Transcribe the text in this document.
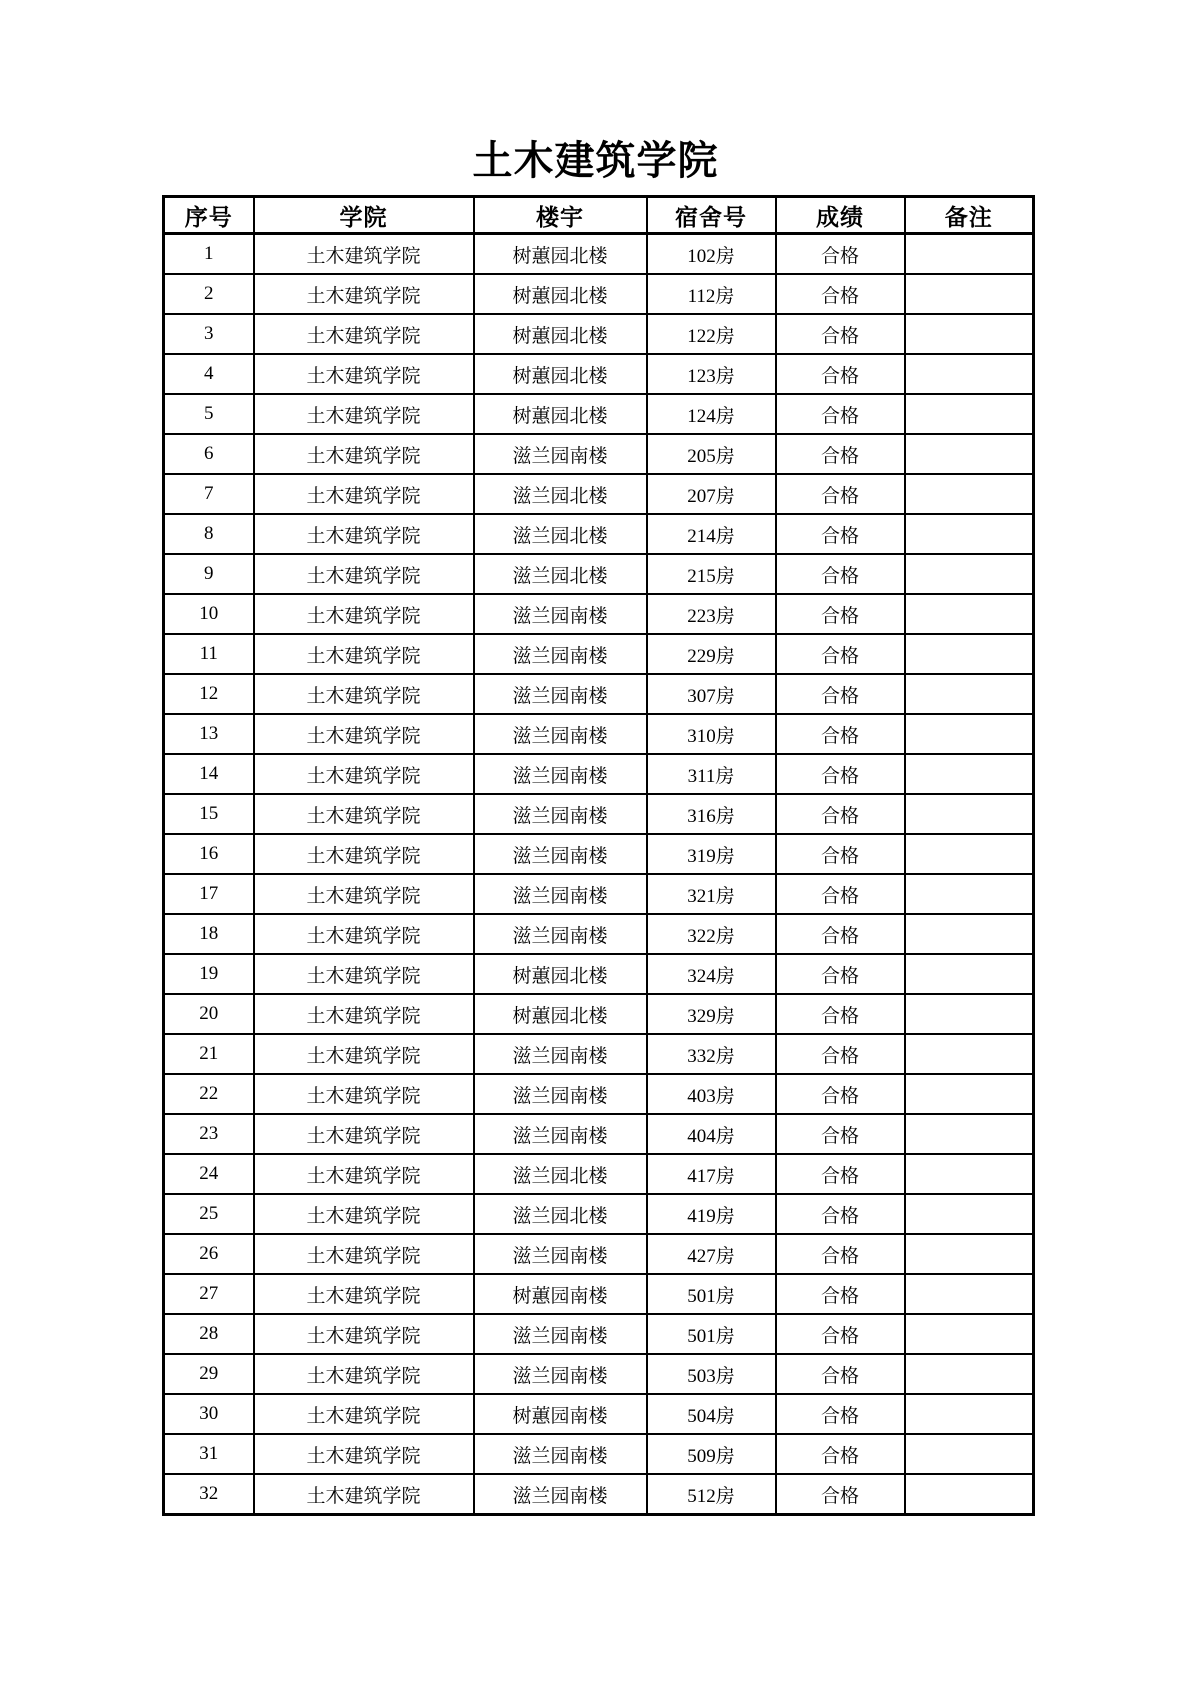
土木建筑学院
序号	学院	楼宇	宿舍号	成绩	备注
1	土木建筑学院	树蕙园北楼	102房	合格	
2	土木建筑学院	树蕙园北楼	112房	合格	
3	土木建筑学院	树蕙园北楼	122房	合格	
4	土木建筑学院	树蕙园北楼	123房	合格	
5	土木建筑学院	树蕙园北楼	124房	合格	
6	土木建筑学院	滋兰园南楼	205房	合格	
7	土木建筑学院	滋兰园北楼	207房	合格	
8	土木建筑学院	滋兰园北楼	214房	合格	
9	土木建筑学院	滋兰园北楼	215房	合格	
10	土木建筑学院	滋兰园南楼	223房	合格	
11	土木建筑学院	滋兰园南楼	229房	合格	
12	土木建筑学院	滋兰园南楼	307房	合格	
13	土木建筑学院	滋兰园南楼	310房	合格	
14	土木建筑学院	滋兰园南楼	311房	合格	
15	土木建筑学院	滋兰园南楼	316房	合格	
16	土木建筑学院	滋兰园南楼	319房	合格	
17	土木建筑学院	滋兰园南楼	321房	合格	
18	土木建筑学院	滋兰园南楼	322房	合格	
19	土木建筑学院	树蕙园北楼	324房	合格	
20	土木建筑学院	树蕙园北楼	329房	合格	
21	土木建筑学院	滋兰园南楼	332房	合格	
22	土木建筑学院	滋兰园南楼	403房	合格	
23	土木建筑学院	滋兰园南楼	404房	合格	
24	土木建筑学院	滋兰园北楼	417房	合格	
25	土木建筑学院	滋兰园北楼	419房	合格	
26	土木建筑学院	滋兰园南楼	427房	合格	
27	土木建筑学院	树蕙园南楼	501房	合格	
28	土木建筑学院	滋兰园南楼	501房	合格	
29	土木建筑学院	滋兰园南楼	503房	合格	
30	土木建筑学院	树蕙园南楼	504房	合格	
31	土木建筑学院	滋兰园南楼	509房	合格	
32	土木建筑学院	滋兰园南楼	512房	合格	
